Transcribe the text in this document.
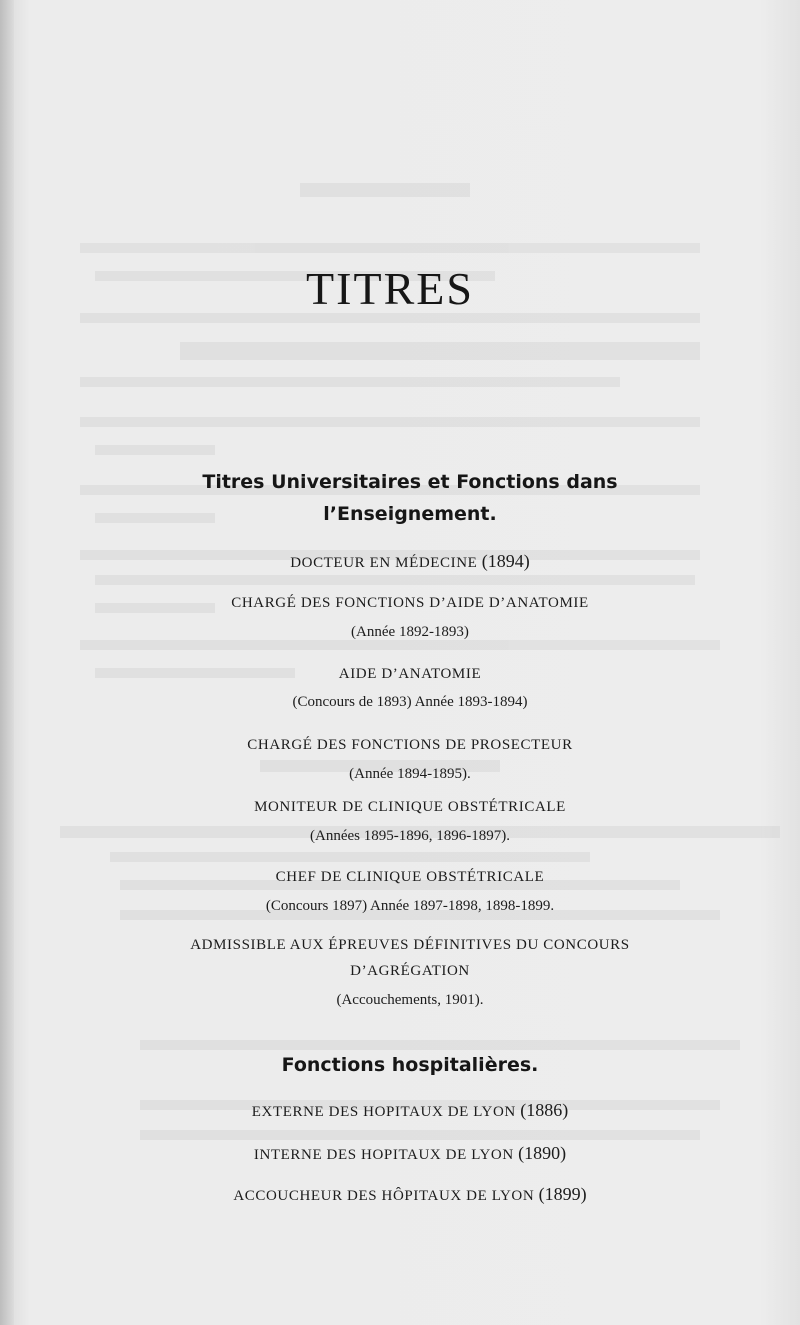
TITRES
Titres Universitaires et Fonctions dans
l’Enseignement.
DOCTEUR EN MÉDECINE (1894)
CHARGÉ DES FONCTIONS D’AIDE D’ANATOMIE
(Année 1892-1893)
AIDE D’ANATOMIE
(Concours de 1893) Année 1893-1894)
CHARGÉ DES FONCTIONS DE PROSECTEUR
(Année 1894-1895).
MONITEUR DE CLINIQUE OBSTÉTRICALE
(Années 1895-1896, 1896-1897).
CHEF DE CLINIQUE OBSTÉTRICALE
(Concours 1897) Année 1897-1898, 1898-1899.
ADMISSIBLE AUX ÉPREUVES DÉFINITIVES DU CONCOURS
D’AGRÉGATION
(Accouchements, 1901).
Fonctions hospitalières.
EXTERNE DES HOPITAUX DE LYON (1886)
INTERNE DES HOPITAUX DE LYON (1890)
ACCOUCHEUR DES HÔPITAUX DE LYON (1899)
